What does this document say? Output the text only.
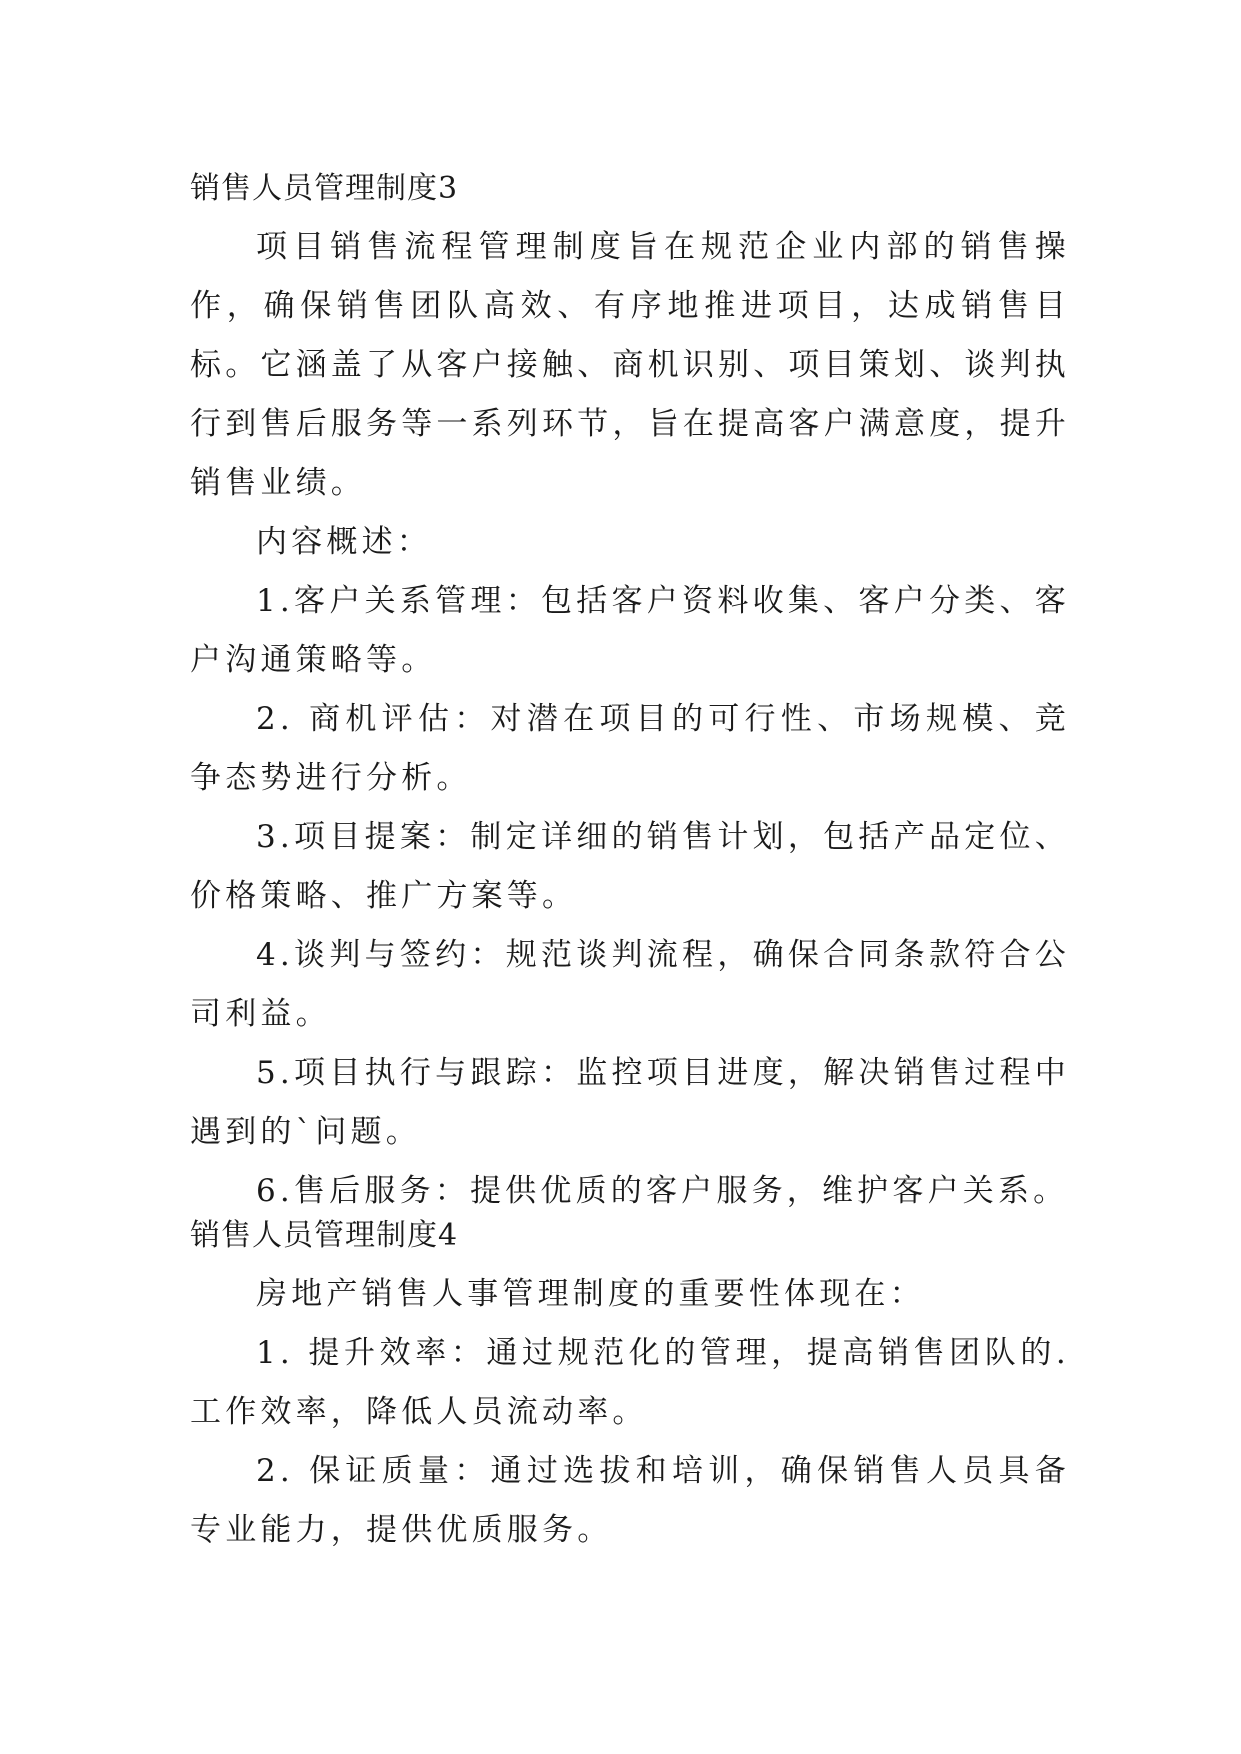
销售人员管理制度3

项目销售流程管理制度旨在规范企业内部的销售操作，确保销售团队高效、有序地推进项目，达成销售目标。它涵盖了从客户接触、商机识别、项目策划、谈判执行到售后服务等一系列环节，旨在提高客户满意度，提升销售业绩。

内容概述：

1.客户关系管理：包括客户资料收集、客户分类、客户沟通策略等。

2. 商机评估：对潜在项目的可行性、市场规模、竞争态势进行分析。

3.项目提案：制定详细的销售计划，包括产品定位、价格策略、推广方案等。

4.谈判与签约：规范谈判流程，确保合同条款符合公司利益。

5.项目执行与跟踪：监控项目进度，解决销售过程中遇到的`问题。

6.售后服务：提供优质的客户服务，维护客户关系。

销售人员管理制度4

房地产销售人事管理制度的重要性体现在：

1. 提升效率：通过规范化的管理，提高销售团队的.工作效率，降低人员流动率。

2. 保证质量：通过选拔和培训，确保销售人员具备专业能力，提供优质服务。
